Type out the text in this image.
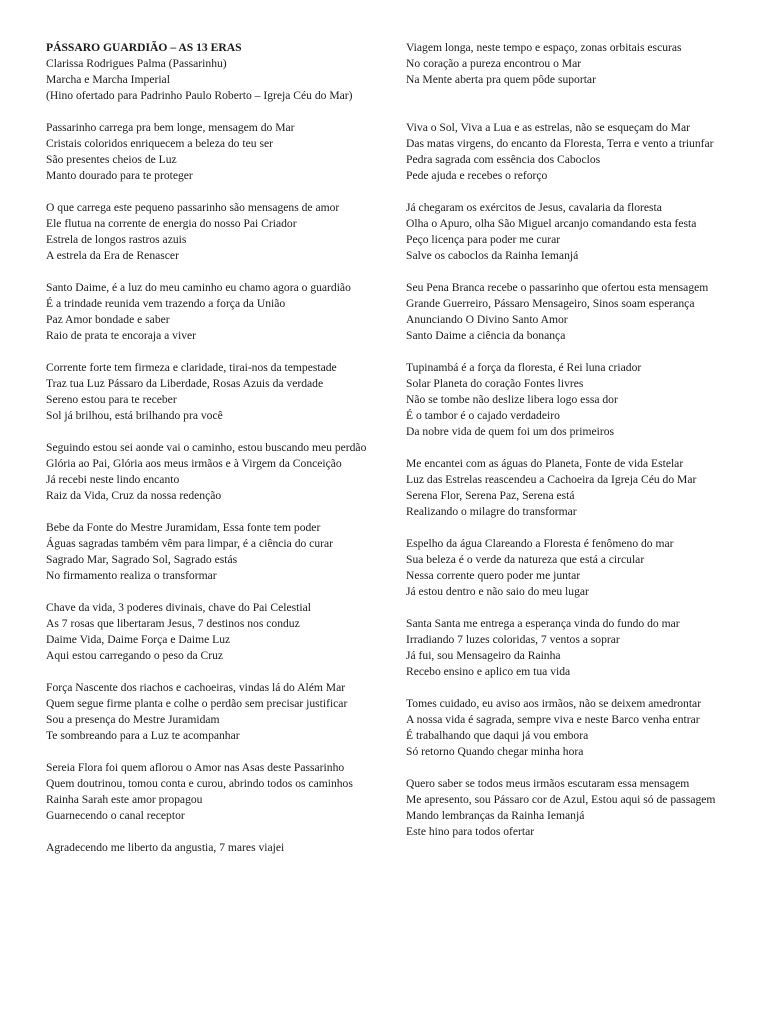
PÁSSARO GUARDIÃO – AS 13 ERAS
Clarissa Rodrigues Palma (Passarinhu)
Marcha e Marcha Imperial
(Hino ofertado para Padrinho Paulo Roberto – Igreja Céu do Mar)
Passarinho carrega pra bem longe, mensagem do Mar
Cristais coloridos enriquecem a beleza do teu ser
São presentes cheios de Luz
Manto dourado para te proteger
O que carrega este pequeno passarinho são mensagens de amor
Ele flutua na corrente de energia do nosso Pai Criador
Estrela de longos rastros azuis
A estrela da Era de Renascer
Santo Daime, é a luz do meu caminho eu chamo agora o guardião
É a trindade reunida vem trazendo a força da União
Paz Amor bondade e saber
Raio de prata te encoraja a viver
Corrente forte tem firmeza e claridade, tirai-nos da tempestade
Traz tua Luz Pássaro da Liberdade, Rosas Azuis da verdade
Sereno estou para te receber
Sol já brilhou, está brilhando pra você
Seguindo estou sei aonde vai o caminho, estou buscando meu perdão
Glória ao Pai, Glória aos meus irmãos e à Virgem da Conceição
Já recebi neste lindo encanto
Raiz da Vida, Cruz da nossa redenção
Bebe da Fonte do Mestre Juramidam, Essa fonte tem poder
Águas sagradas também vêm para limpar, é a ciência do curar
Sagrado Mar, Sagrado Sol, Sagrado estás
No firmamento realiza o transformar
Chave da vida, 3 poderes divinais, chave do Pai Celestial
As 7 rosas que libertaram Jesus, 7 destinos nos conduz
Daime Vida, Daime Força e Daime Luz
Aqui estou carregando o peso da Cruz
Força Nascente dos riachos e cachoeiras, vindas lá do Além Mar
Quem segue firme planta e colhe o perdão sem precisar justificar
Sou a presença do Mestre Juramidam
Te sombreando para a Luz te acompanhar
Sereia Flora foi quem aflorou o Amor nas Asas deste Passarinho
Quem doutrinou, tomou conta e curou, abrindo todos os caminhos
Rainha Sarah este amor propagou
Guarnecendo o canal receptor
Agradecendo me liberto da angustia, 7 mares viajei
Viagem longa, neste tempo e espaço, zonas orbitais escuras
No coração a pureza encontrou o Mar
Na Mente aberta pra quem pôde suportar
Viva o Sol, Viva a Lua e as estrelas, não se esqueçam do Mar
Das matas virgens, do encanto da Floresta, Terra e vento a triunfar
Pedra sagrada com essência dos Caboclos
Pede ajuda e recebes o reforço
Já chegaram os exércitos de Jesus, cavalaria da floresta
Olha o Apuro, olha São Miguel arcanjo comandando esta festa
Peço licença para poder me curar
Salve os caboclos da Rainha Iemanjá
Seu Pena Branca recebe o passarinho que ofertou esta mensagem
Grande Guerreiro, Pássaro Mensageiro, Sinos soam esperança
Anunciando O Divino Santo Amor
Santo Daime a ciência da bonança
Tupinambá é a força da floresta, é Rei luna criador
Solar Planeta do coração Fontes livres
Não se tombe não deslize libera logo essa dor
É o tambor é o cajado verdadeiro
Da nobre vida de quem foi um dos primeiros
Me encantei com as águas do Planeta, Fonte de vida Estelar
Luz das Estrelas reascendeu a Cachoeira da Igreja Céu do Mar
Serena Flor, Serena Paz, Serena está
Realizando o milagre do transformar
Espelho da água Clareando a Floresta é fenômeno do mar
Sua beleza é o verde da natureza que está a circular
Nessa corrente quero poder me juntar
Já estou dentro e não saio do meu lugar
Santa Santa me entrega a esperança vinda do fundo do mar
Irradiando 7 luzes coloridas, 7 ventos a soprar
Já fui, sou Mensageiro da Rainha
Recebo ensino e aplico em tua vida
Tomes cuidado, eu aviso aos irmãos, não se deixem amedrontar
A nossa vida é sagrada, sempre viva e neste Barco venha entrar
É trabalhando que daqui já vou embora
Só retorno Quando chegar minha hora
Quero saber se todos meus irmãos escutaram essa mensagem
Me apresento, sou Pássaro cor de Azul, Estou aqui só de passagem
Mando lembranças da Rainha Iemanjá
Este hino para todos ofertar
